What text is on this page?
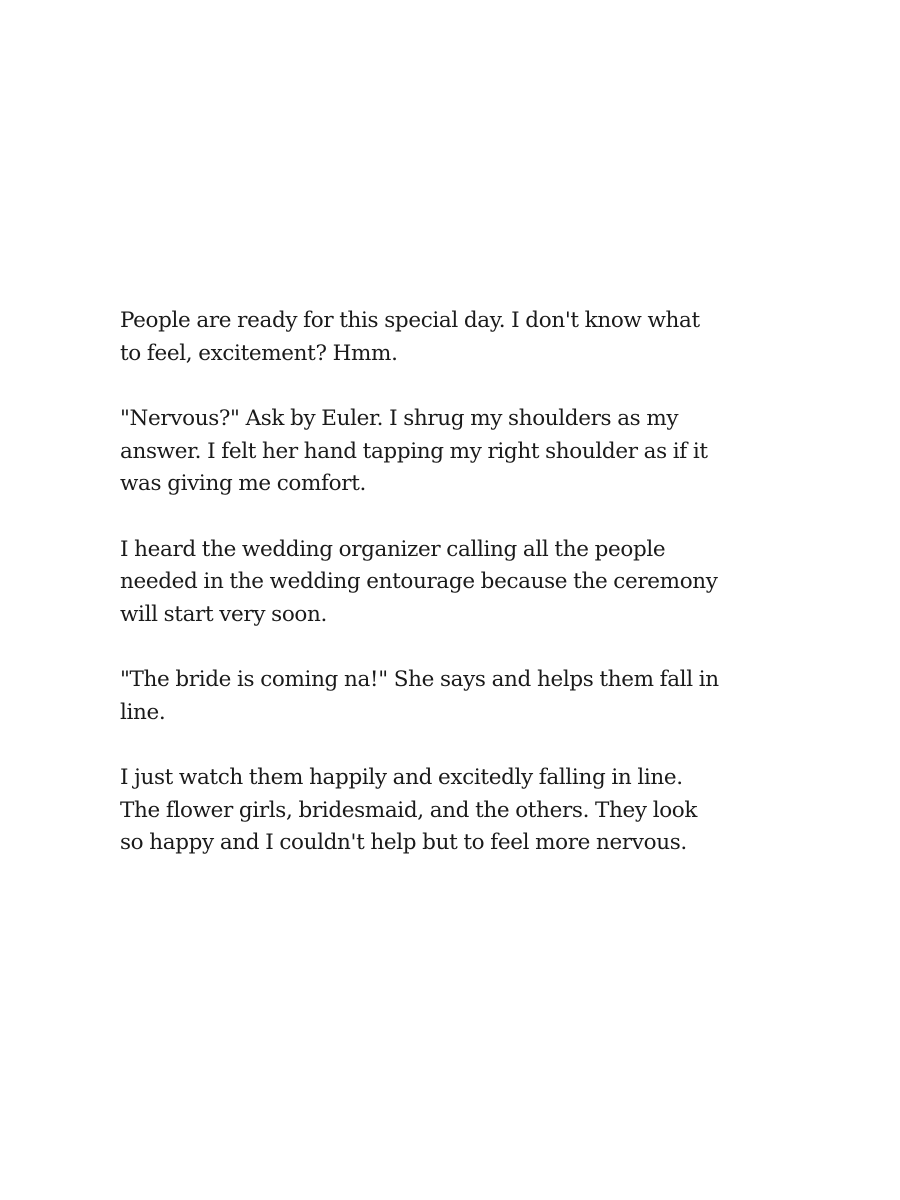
People are ready for this special day. I don't know what
to feel, excitement? Hmm.

"Nervous?" Ask by Euler. I shrug my shoulders as my
answer. I felt her hand tapping my right shoulder as if it
was giving me comfort.

I heard the wedding organizer calling all the people
needed in the wedding entourage because the ceremony
will start very soon.

"The bride is coming na!" She says and helps them fall in
line.

I just watch them happily and excitedly falling in line.
The flower girls, bridesmaid, and the others. They look
so happy and I couldn't help but to feel more nervous.
